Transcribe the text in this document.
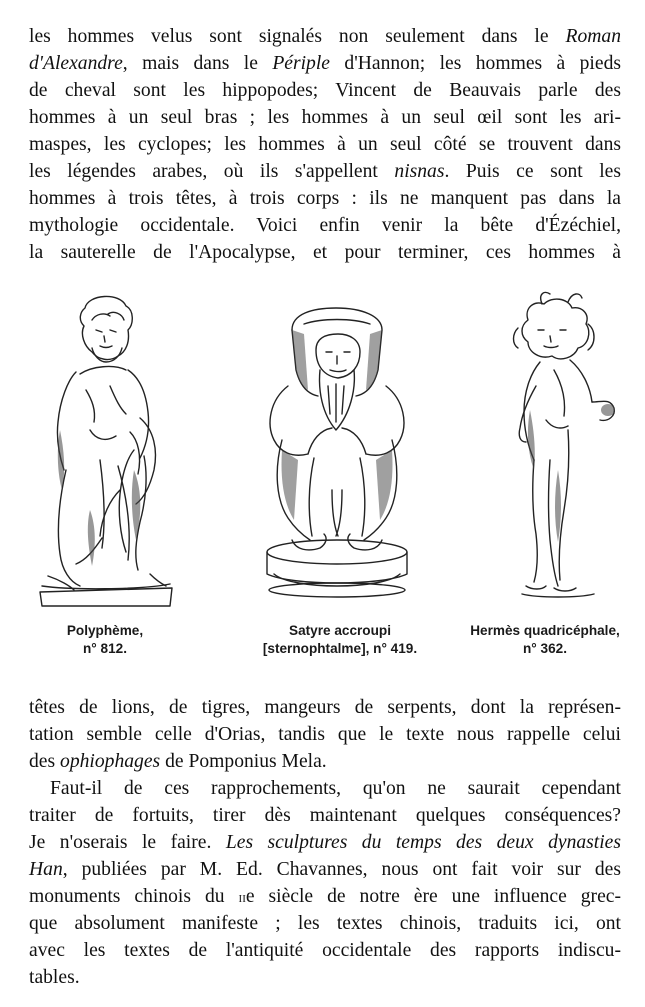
les hommes velus sont signalés non seulement dans le Roman
d'Alexandre, mais dans le Périple d'Hannon; les hommes à pieds
de cheval sont les hippopodes; Vincent de Beauvais parle des
hommes à un seul bras ; les hommes à un seul œil sont les ari-
maspes, les cyclopes; les hommes à un seul côté se trouvent dans
les légendes arabes, où ils s'appellent nisnas. Puis ce sont les
hommes à trois têtes, à trois corps : ils ne manquent pas dans la
mythologie occidentale. Voici enfin venir la bête d'Ézéchiel,
la sauterelle de l'Apocalypse, et pour terminer, ces hommes à
Polyphème,
n° 812.
Satyre accroupi
[sternophtalme], n° 419.
Hermès quadricéphale,
n° 362.
têtes de lions, de tigres, mangeurs de serpents, dont la représen-
tation semble celle d'Orias, tandis que le texte nous rappelle celui
des ophiophages de Pomponius Mela.
Faut-il de ces rapprochements, qu'on ne saurait cependant
traiter de fortuits, tirer dès maintenant quelques conséquences?
Je n'oserais le faire. Les sculptures du temps des deux dynasties
Han, publiées par M. Ed. Chavannes, nous ont fait voir sur des
monuments chinois du iie siècle de notre ère une influence grec-
que absolument manifeste ; les textes chinois, traduits ici, ont
avec les textes de l'antiquité occidentale des rapports indiscu-
tables.
